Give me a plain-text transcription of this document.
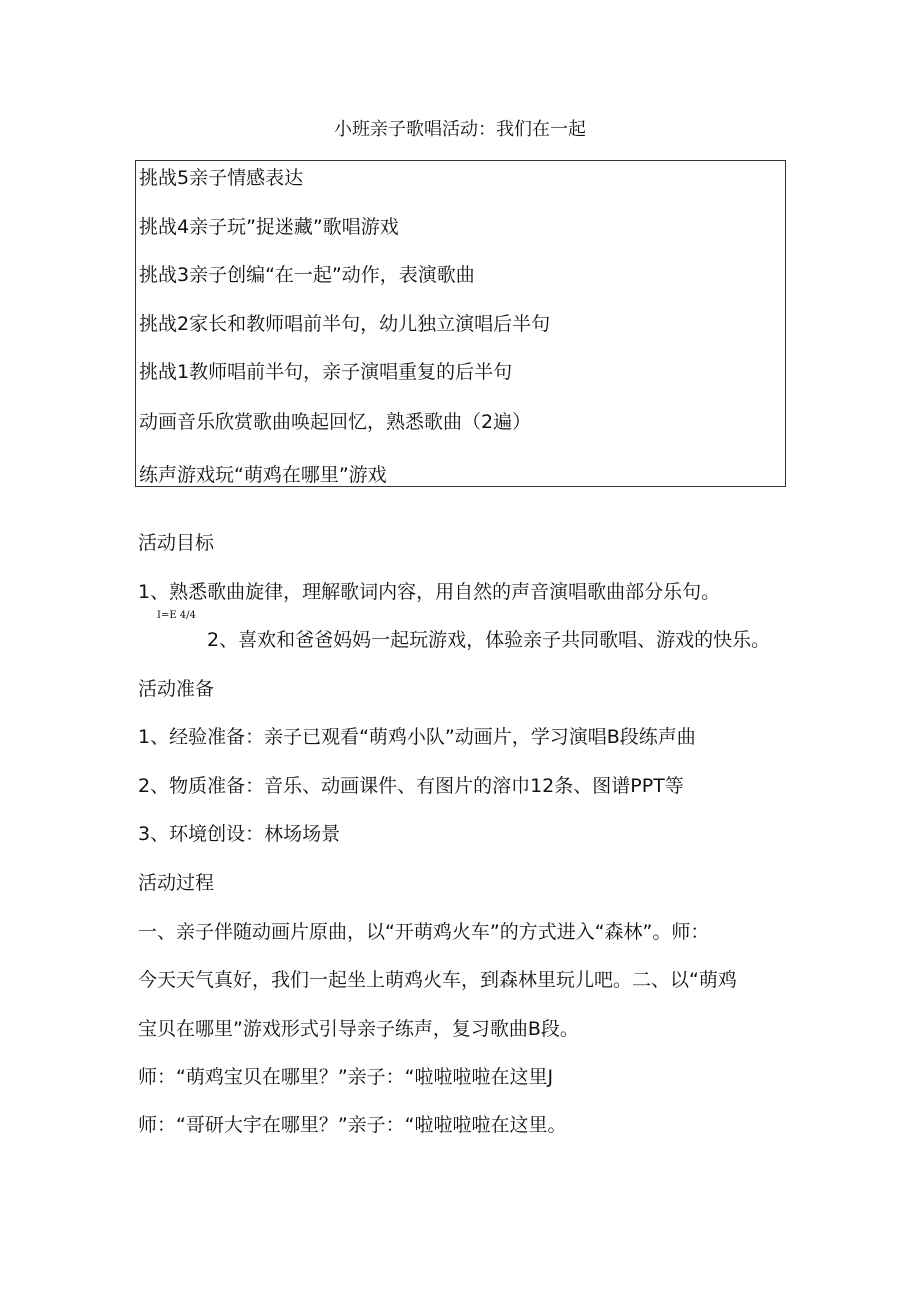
小班亲子歌唱活动：我们在一起
挑战5亲子情感表达
挑战4亲子玩”捉迷藏”歌唱游戏
挑战3亲子创编“在一起”动作，表演歌曲
挑战2家长和教师唱前半句，幼儿独立演唱后半句
挑战1教师唱前半句，亲子演唱重复的后半句
动画音乐欣赏歌曲唤起回忆，熟悉歌曲（2遍）
练声游戏玩“萌鸡在哪里”游戏
活动目标
1、熟悉歌曲旋律，理解歌词内容，用自然的声音演唱歌曲部分乐句。
I=E 4/4
2、喜欢和爸爸妈妈一起玩游戏，体验亲子共同歌唱、游戏的快乐。
活动准备
1、经验准备：亲子已观看“萌鸡小队”动画片，学习演唱B段练声曲
2、物质准备：音乐、动画课件、有图片的溶巾12条、图谱PPT等
3、环境创设：林场场景
活动过程
一、亲子伴随动画片原曲，以“开萌鸡火车”的方式进入“森林”。师：
今天天气真好，我们一起坐上萌鸡火车，到森林里玩儿吧。二、以“萌鸡
宝贝在哪里”游戏形式引导亲子练声，复习歌曲B段。
师：“萌鸡宝贝在哪里？”亲子：“啦啦啦啦在这里J
师：“哥研大宇在哪里？”亲子：“啦啦啦啦在这里。
